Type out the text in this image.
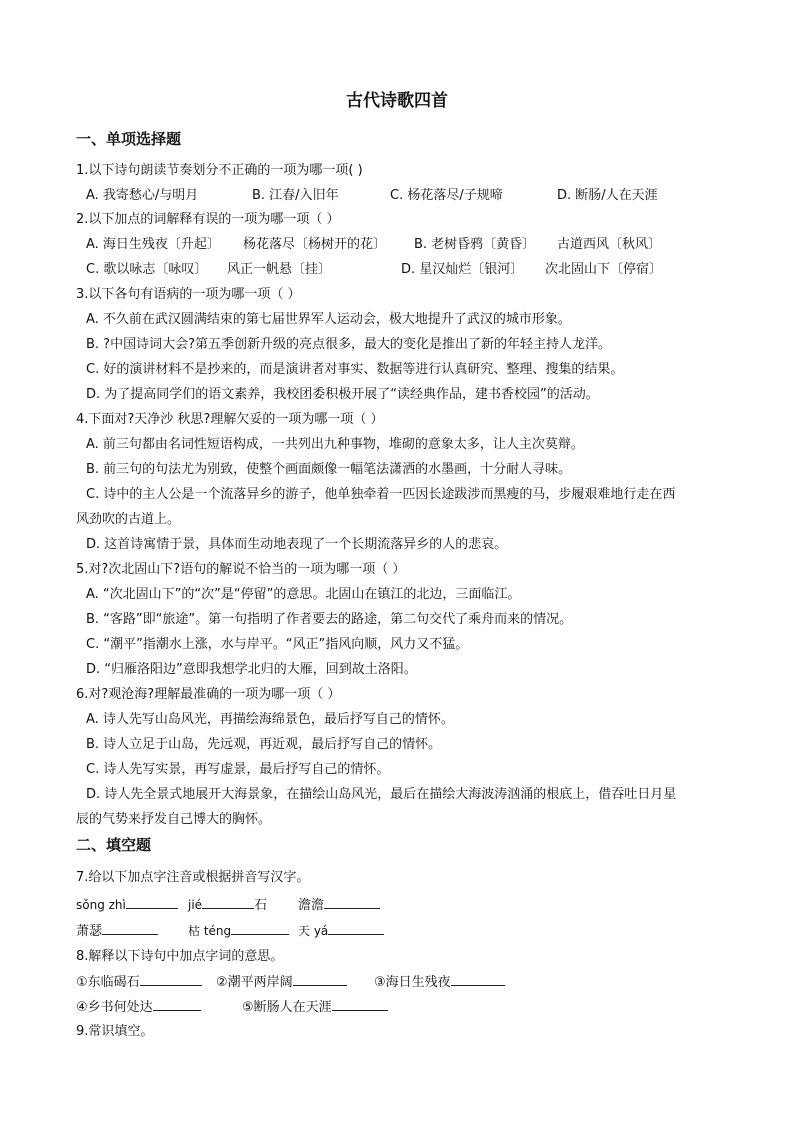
古代诗歌四首
一、单项选择题
1.以下诗句朗读节奏划分不正确的一项为哪一项( )
A. 我寄愁心/与明月	B. 江春/入旧年	C. 杨花落尽/子规啼	D. 断肠/人在天涯
2.以下加点的词解释有误的一项为哪一项（ ）
A. 海日生残夜〔升起〕 杨花落尽〔杨树开的花〕 B. 老树昏鸦〔黄昏〕 古道西风〔秋风〕
C. 歌以咏志〔咏叹〕 风正一帆悬〔挂〕	D. 星汉灿烂〔银河〕 次北固山下〔停宿〕
3.以下各句有语病的一项为哪一项（ ）
A. 不久前在武汉圆满结束的第七届世界军人运动会，极大地提升了武汉的城市形象。
B. ?中国诗词大会?第五季创新升级的亮点很多，最大的变化是推出了新的年轻主持人龙洋。
C. 好的演讲材料不是抄来的，而是演讲者对事实、数据等进行认真研究、整理、搜集的结果。
D. 为了提高同学们的语文素养，我校团委积极开展了“读经典作品，建书香校园”的活动。
4.下面对?天净沙 秋思?理解欠妥的一项为哪一项（ ）
A. 前三句都由名词性短语构成，一共列出九种事物，堆砌的意象太多，让人主次莫辩。
B. 前三句的句法尤为别致，使整个画面颇像一幅笔法潇洒的水墨画，十分耐人寻味。
C. 诗中的主人公是一个流落异乡的游子，他单独牵着一匹因长途跋涉而黑瘦的马，步履艰难地行走在西
风劲吹的古道上。
D. 这首诗寓情于景，具体而生动地表现了一个长期流落异乡的人的悲哀。
5.对?次北固山下?语句的解说不恰当的一项为哪一项（ ）
A. “次北固山下”的“次”是“停留”的意思。北固山在镇江的北边，三面临江。
B. “客路”即“旅途”。第一句指明了作者要去的路途，第二句交代了乘舟而来的情况。
C. “潮平”指潮水上涨，水与岸平。“风正”指风向顺，风力又不猛。
D. “归雁洛阳边”意即我想学北归的大雁，回到故土洛阳。
6.对?观沧海?理解最准确的一项为哪一项（ ）
A. 诗人先写山岛风光，再描绘海绵景色，最后抒写自己的情怀。
B. 诗人立足于山岛，先远观，再近观，最后抒写自己的情怀。
C. 诗人先写实景，再写虚景，最后抒写自己的情怀。
D. 诗人先全景式地展开大海景象，在描绘山岛风光，最后在描绘大海波涛汹涌的根底上，借吞吐日月星
辰的气势来抒发自己博大的胸怀。
二、填空题
7.给以下加点字注音或根据拼音写汉字。
sǒng zhì	jié	石 澹澹
萧瑟	枯 téng	天 yá
8.解释以下诗句中加点字词的意思。
①东临碣石	②潮平两岸阔	③海日生残夜
④乡书何处达	⑤断肠人在天涯
9.常识填空。
